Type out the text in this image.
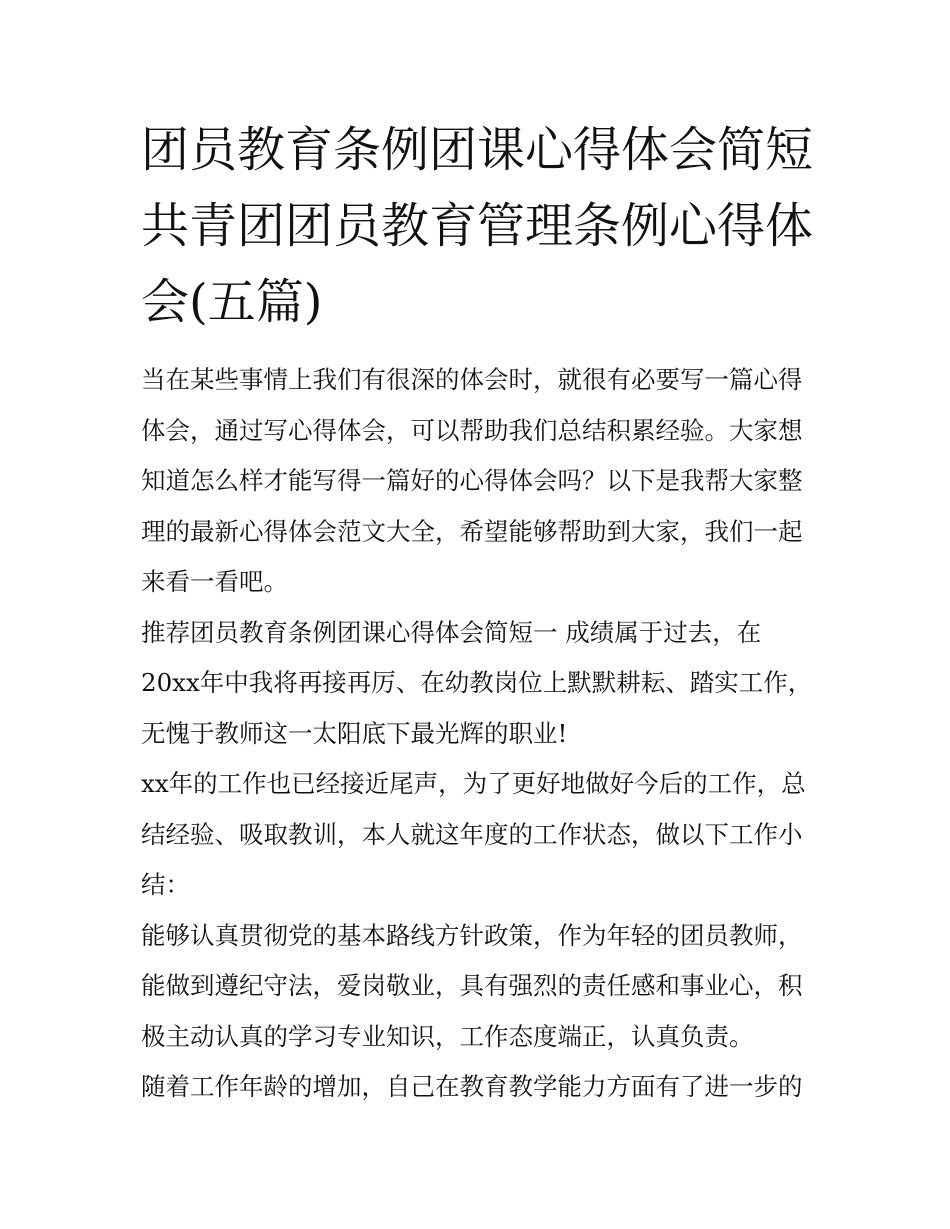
团员教育条例团课心得体会简短 共青团团员教育管理条例心得体会(五篇)

当在某些事情上我们有很深的体会时，就很有必要写一篇心得体会，通过写心得体会，可以帮助我们总结积累经验。大家想知道怎么样才能写得一篇好的心得体会吗？以下是我帮大家整理的最新心得体会范文大全，希望能够帮助到大家，我们一起来看一看吧。

推荐团员教育条例团课心得体会简短一 成绩属于过去，在20xx年中我将再接再厉、在幼教岗位上默默耕耘、踏实工作，无愧于教师这一太阳底下最光辉的职业!

xx年的工作也已经接近尾声，为了更好地做好今后的工作，总结经验、吸取教训，本人就这年度的工作状态，做以下工作小结：

能够认真贯彻党的基本路线方针政策，作为年轻的团员教师，能做到遵纪守法，爱岗敬业，具有强烈的责任感和事业心，积极主动认真的学习专业知识，工作态度端正，认真负责。

随着工作年龄的增加，自己在教育教学能力方面有了进一步的
